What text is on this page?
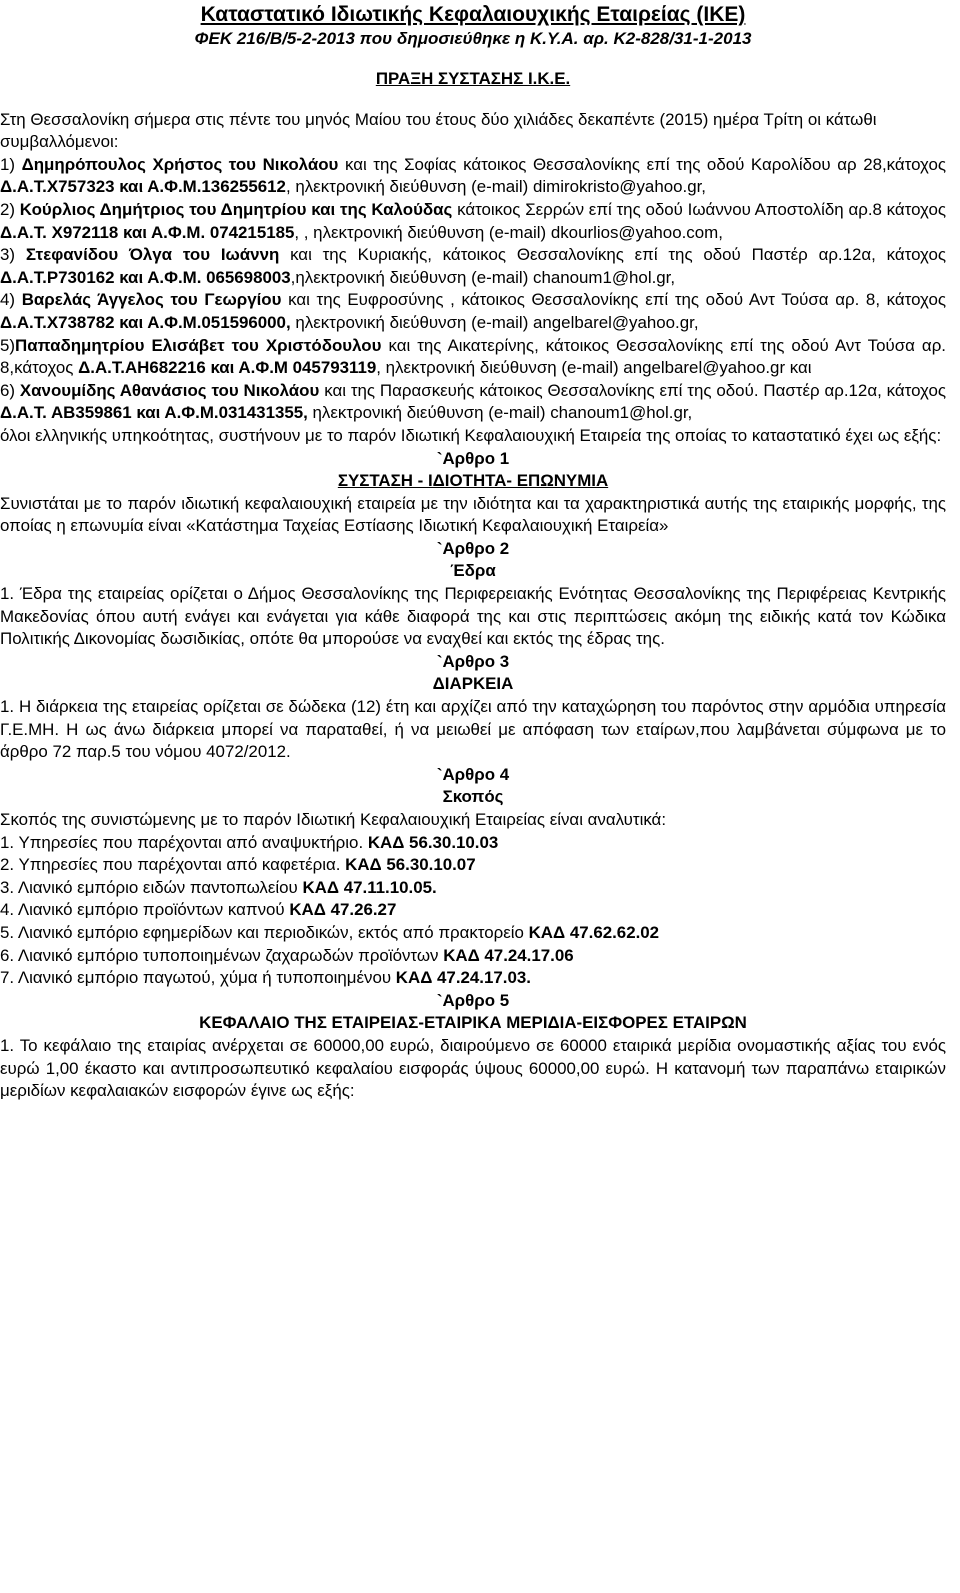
Καταστατικό Ιδιωτικής Κεφαλαιουχικής Εταιρείας (ΙΚΕ)

ΦΕΚ 216/Β/5-2-2013 που δημοσιεύθηκε η Κ.Υ.Α. αρ. Κ2-828/31-1-2013

ΠΡΑΞΗ ΣΥΣΤΑΣΗΣ Ι.Κ.Ε.

Στη Θεσσαλονίκη σήμερα στις πέντε του μηνός Μαίου του έτους δύο χιλιάδες δεκαπέντε (2015) ημέρα Τρίτη οι κάτωθι συμβαλλόμενοι:

1) Δημηρόπουλος Χρήστος του Νικολάου και της Σοφίας κάτοικος Θεσσαλονίκης επί της οδού Καρολίδου αρ 28,κάτοχος Δ.Α.Τ.Χ757323 και Α.Φ.Μ.136255612, ηλεκτρονική διεύθυνση (e-mail) dimirokristo@yahoo.gr,

2) Κούρλιος Δημήτριος του Δημητρίου και της Καλούδας κάτοικος Σερρών επί της οδού Ιωάννου Αποστολίδη αρ.8 κάτοχος Δ.Α.Τ. Χ972118 και Α.Φ.Μ. 074215185, , ηλεκτρονική διεύθυνση (e-mail) dkourlios@yahoo.com,

3) Στεφανίδου Όλγα του Ιωάννη και της Κυριακής, κάτοικος Θεσσαλονίκης επί της οδού Παστέρ αρ.12α, κάτοχος Δ.Α.Τ.Ρ730162 και Α.Φ.Μ. 065698003,ηλεκτρονική διεύθυνση (e-mail) chanoum1@hol.gr,

4) Βαρελάς Άγγελος του Γεωργίου και της Ευφροσύνης , κάτοικος Θεσσαλονίκης επί της οδού Αντ Τούσα αρ. 8, κάτοχος Δ.Α.Τ.Χ738782 και Α.Φ.Μ.051596000, ηλεκτρονική διεύθυνση (e-mail) angelbarel@yahoo.gr,

5)Παπαδημητρίου Ελισάβετ του Χριστόδουλου και της Αικατερίνης, κάτοικος Θεσσαλονίκης επί της οδού Αντ Τούσα αρ. 8,κάτοχος Δ.Α.Τ.ΑΗ682216 και Α.Φ.Μ 045793119, ηλεκτρονική διεύθυνση (e-mail) angelbarel@yahoo.gr και

6) Χανουμίδης Αθανάσιος του Νικολάου και της Παρασκευής κάτοικος Θεσσαλονίκης επί της οδού. Παστέρ αρ.12α, κάτοχος Δ.Α.Τ. ΑΒ359861 και Α.Φ.Μ.031431355, ηλεκτρονική διεύθυνση (e-mail) chanoum1@hol.gr,

όλοι ελληνικής υπηκοότητας, συστήνουν με το παρόν Ιδιωτική Κεφαλαιουχική Εταιρεία της οποίας το καταστατικό έχει ως εξής:

`Αρθρο 1

ΣΥΣΤΑΣΗ - ΙΔΙΟΤΗΤΑ- ΕΠΩΝΥΜΙΑ

Συνιστάται με το παρόν ιδιωτική κεφαλαιουχική εταιρεία με την ιδιότητα και τα χαρακτηριστικά αυτής της εταιρικής μορφής, της οποίας η επωνυμία είναι «Κατάστημα Ταχείας Εστίασης Ιδιωτική Κεφαλαιουχική Εταιρεία»

`Αρθρο 2

Έδρα

1. Έδρα της εταιρείας ορίζεται ο Δήμος Θεσσαλονίκης της Περιφερειακής Ενότητας Θεσσαλονίκης της Περιφέρειας Κεντρικής Μακεδονίας όπου αυτή ενάγει και ενάγεται για κάθε διαφορά της και στις περιπτώσεις ακόμη της ειδικής κατά τον Κώδικα Πολιτικής Δικονομίας δωσιδικίας, οπότε θα μπορούσε να εναχθεί και εκτός της έδρας της.

`Αρθρο 3

ΔΙΑΡΚΕΙΑ

1. Η διάρκεια της εταιρείας ορίζεται σε δώδεκα (12) έτη και αρχίζει από την καταχώρηση του παρόντος στην αρμόδια υπηρεσία Γ.Ε.ΜΗ. Η ως άνω διάρκεια μπορεί να παραταθεί, ή να μειωθεί με απόφαση των εταίρων,που λαμβάνεται σύμφωνα με το άρθρο 72 παρ.5 του νόμου 4072/2012.

`Αρθρο 4

Σκοπός

Σκοπός της συνιστώμενης με το παρόν Ιδιωτική Κεφαλαιουχική Εταιρείας είναι αναλυτικά:

1. Υπηρεσίες που παρέχονται από αναψυκτήριο. ΚΑΔ 56.30.10.03

2. Υπηρεσίες που παρέχονται από καφετέρια. ΚΑΔ 56.30.10.07

3. Λιανικό εμπόριο ειδών παντοπωλείου ΚΑΔ 47.11.10.05.

4. Λιανικό εμπόριο προϊόντων καπνού ΚΑΔ 47.26.27

5. Λιανικό εμπόριο εφημερίδων και περιοδικών, εκτός από πρακτορείο ΚΑΔ 47.62.62.02

6. Λιανικό εμπόριο τυποποιημένων ζαχαρωδών προϊόντων ΚΑΔ 47.24.17.06

7. Λιανικό εμπόριο παγωτού, χύμα ή τυποποιημένου ΚΑΔ 47.24.17.03.

`Αρθρο 5

ΚΕΦΑΛΑΙΟ ΤΗΣ ΕΤΑΙΡΕΙΑΣ-ΕΤΑΙΡΙΚΑ ΜΕΡΙΔΙΑ-ΕΙΣΦΟΡΕΣ ΕΤΑΙΡΩΝ

1. Το κεφάλαιο της εταιρίας ανέρχεται σε 60000,00 ευρώ, διαιρούμενο σε 60000 εταιρικά μερίδια ονομαστικής αξίας του ενός ευρώ 1,00 έκαστο και αντιπροσωπευτικό κεφαλαίου εισφοράς ύψους 60000,00 ευρώ. Η κατανομή των παραπάνω εταιρικών μεριδίων κεφαλαιακών εισφορών έγινε ως εξής:
